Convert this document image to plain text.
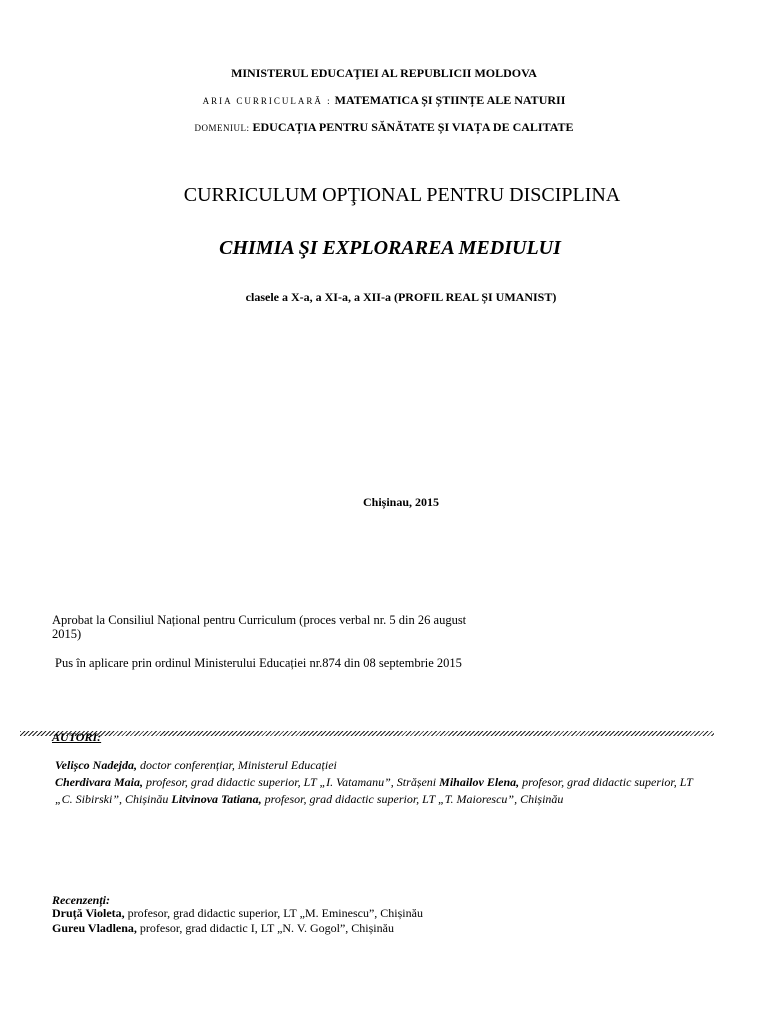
MINISTERUL EDUCAŢIEI AL REPUBLICII MOLDOVA
ARIA CURRICULARĂ : MATEMATICA ȘI ȘTIINȚE ALE NATURII
DOMENIUL: EDUCAȚIA PENTRU SĂNĂTATE ȘI VIAȚA DE CALITATE
CURRICULUM OPŢIONAL PENTRU DISCIPLINA
CHIMIA ŞI EXPLORAREA MEDIULUI
clasele a X-a, a XI-a, a XII-a (PROFIL REAL ȘI UMANIST)
Chișinau, 2015
Aprobat la Consiliul Național pentru Curriculum (proces verbal nr. 5 din 26 august
2015)
Pus în aplicare prin ordinul Ministerului Educației nr.874 din 08 septembrie 2015
AUTORI:
Velișco Nadejda, doctor conferențiar, Ministerul Educației
Cherdivara Maia, profesor, grad didactic superior, LT „I. Vatamanu”, Strășeni Mihailov Elena, profesor, grad didactic superior, LT
„C. Sibirski”, Chișinău Litvinova Tatiana, profesor, grad didactic superior, LT „T. Maiorescu”, Chișinău
Recenzenți:
Druță Violeta, profesor, grad didactic superior, LT „M. Eminescu”, Chișinău
Gureu Vladlena, profesor, grad didactic I, LT „N. V. Gogol”, Chișinău
